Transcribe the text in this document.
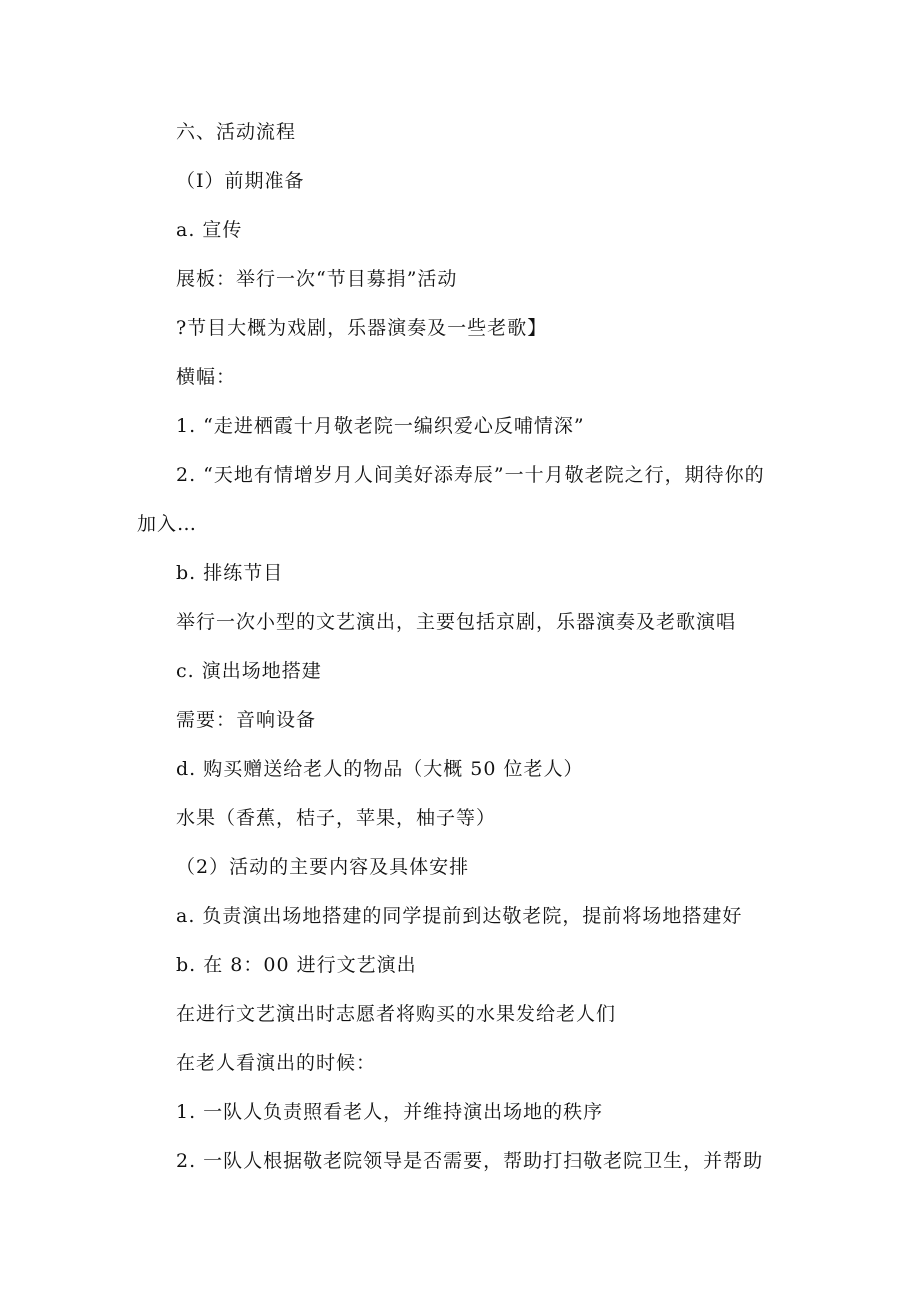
六、活动流程
（I）前期准备
a. 宣传
展板：举行一次“节目募捐”活动
?节目大概为戏剧，乐器演奏及一些老歌】
横幅：
1. “走进栖霞十月敬老院一编织爱心反哺情深”
2. “天地有情增岁月人间美好添寿辰”一十月敬老院之行，期待你的
加入…
b. 排练节目
举行一次小型的文艺演出，主要包括京剧，乐器演奏及老歌演唱
c. 演出场地搭建
需要：音响设备
d. 购买赠送给老人的物品（大概 50 位老人）
水果（香蕉，桔子，苹果，柚子等）
（2）活动的主要内容及具体安排
a. 负责演出场地搭建的同学提前到达敬老院，提前将场地搭建好
b. 在 8：00 进行文艺演出
在进行文艺演出时志愿者将购买的水果发给老人们
在老人看演出的时候：
1. 一队人负责照看老人，并维持演出场地的秩序
2. 一队人根据敬老院领导是否需要，帮助打扫敬老院卫生，并帮助
